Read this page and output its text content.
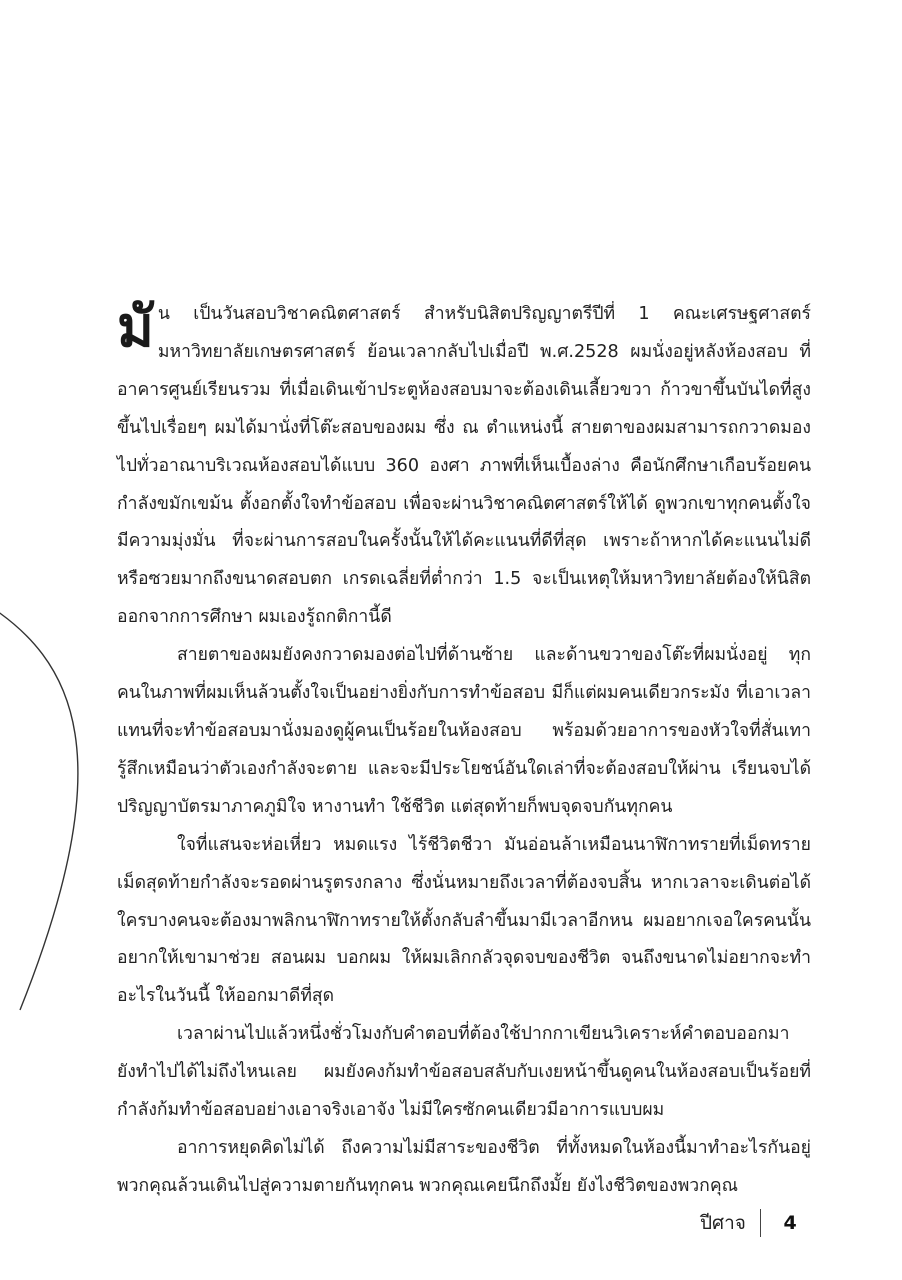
มัน เป็นวันสอบวิชาคณิตศาสตร์ สำหรับนิสิตปริญญาตรีปีที่ 1 คณะเศรษฐศาสตร์ มหาวิทยาลัยเกษตรศาสตร์ ย้อนเวลากลับไปเมื่อปี พ.ศ.2528 ผมนั่งอยู่หลังห้องสอบ ที่อาคารศูนย์เรียนรวม ที่เมื่อเดินเข้าประตูห้องสอบมาจะต้องเดินเลี้ยวขวา ก้าวขาขึ้นบันไดที่สูงขึ้นไปเรื่อยๆ ผมได้มานั่งที่โต๊ะสอบของผม ซึ่ง ณ ตำแหน่งนี้ สายตาของผมสามารถกวาดมองไปทั่วอาณาบริเวณห้องสอบได้แบบ 360 องศา ภาพที่เห็นเบื้องล่าง คือนักศึกษาเกือบร้อยคนกำลังขมักเขม้น ตั้งอกตั้งใจทำข้อสอบ เพื่อจะผ่านวิชาคณิตศาสตร์ให้ได้ ดูพวกเขาทุกคนตั้งใจ มีความมุ่งมั่น ที่จะผ่านการสอบในครั้งนั้นให้ได้คะแนนที่ดีที่สุด เพราะถ้าหากได้คะแนนไม่ดีหรือซวยมากถึงขนาดสอบตก เกรดเฉลี่ยที่ต่ำกว่า 1.5 จะเป็นเหตุให้มหาวิทยาลัยต้องให้นิสิตออกจากการศึกษา ผมเองรู้ถกติกานี้ดี

สายตาของผมยังคงกวาดมองต่อไปที่ด้านซ้าย และด้านขวาของโต๊ะที่ผมนั่งอยู่ ทุกคนในภาพที่ผมเห็นล้วนตั้งใจเป็นอย่างยิ่งกับการทำข้อสอบ มีก็แต่ผมคนเดียวกระมัง ที่เอาเวลาแทนที่จะทำข้อสอบมานั่งมองดูผู้คนเป็นร้อยในห้องสอบ พร้อมด้วยอาการของหัวใจที่สั่นเทา รู้สึกเหมือนว่าตัวเองกำลังจะตาย และจะมีประโยชน์อันใดเล่าที่จะต้องสอบให้ผ่าน เรียนจบได้ปริญญาบัตรมาภาคภูมิใจ หางานทำ ใช้ชีวิต แต่สุดท้ายก็พบจุดจบกันทุกคน

ใจที่แสนจะห่อเหี่ยว หมดแรง ไร้ชีวิตชีวา มันอ่อนล้าเหมือนนาฬิกาทรายที่เม็ดทรายเม็ดสุดท้ายกำลังจะรอดผ่านรูตรงกลาง ซึ่งนั่นหมายถึงเวลาที่ต้องจบสิ้น หากเวลาจะเดินต่อได้ ใครบางคนจะต้องมาพลิกนาฬิกาทรายให้ตั้งกลับลำขึ้นมามีเวลาอีกหน ผมอยากเจอใครคนนั้น อยากให้เขามาช่วย สอนผม บอกผม ให้ผมเลิกกลัวจุดจบของชีวิต จนถึงขนาดไม่อยากจะทำอะไรในวันนี้ ให้ออกมาดีที่สุด

เวลาผ่านไปแล้วหนึ่งชั่วโมงกับคำตอบที่ต้องใช้ปากกาเขียนวิเคราะห์คำตอบออกมา ยังทำไปได้ไม่ถึงไหนเลย ผมยังคงก้มทำข้อสอบสลับกับเงยหน้าขึ้นดูคนในห้องสอบเป็นร้อยที่กำลังก้มทำข้อสอบอย่างเอาจริงเอาจัง ไม่มีใครซักคนเดียวมีอาการแบบผม

อาการหยุดคิดไม่ได้ ถึงความไม่มีสาระของชีวิต ที่ทั้งหมดในห้องนี้มาทำอะไรกันอยู่ พวกคุณล้วนเดินไปสู่ความตายกันทุกคน พวกคุณเคยนึกถึงมั้ย ยังไงชีวิตของพวกคุณ

ปีศาจ 4
